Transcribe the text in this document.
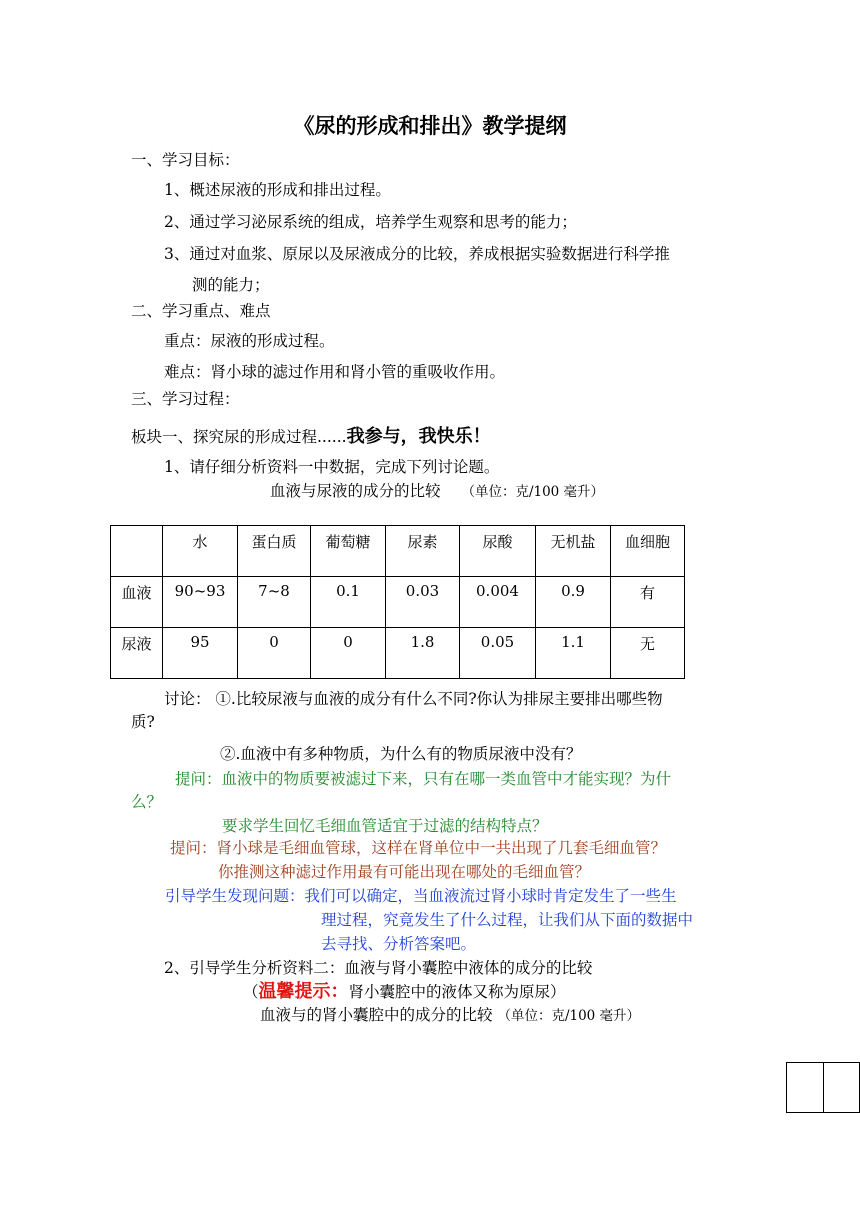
《尿的形成和排出》教学提纲
一、学习目标：
1、概述尿液的形成和排出过程。
2、通过学习泌尿系统的组成，培养学生观察和思考的能力；
3、通过对血浆、原尿以及尿液成分的比较，养成根据实验数据进行科学推
测的能力；
二、学习重点、难点
重点：尿液的形成过程。
难点：肾小球的滤过作用和肾小管的重吸收作用。
三、学习过程：
板块一、探究尿的形成过程......我参与，我快乐！
1、请仔细分析资料一中数据，完成下列讨论题。
血液与尿液的成分的比较 （单位：克/100 毫升）
	水	蛋白质	葡萄糖	尿素	尿酸	无机盐	血细胞
血液	90~93	7~8	0.1	0.03	0.004	0.9	有
尿液	95	0	0	1.8	0.05	1.1	无
讨论： ①.比较尿液与血液的成分有什么不同?你认为排尿主要排出哪些物
质?
②.血液中有多种物质，为什么有的物质尿液中没有？
提问：血液中的物质要被滤过下来，只有在哪一类血管中才能实现？为什
么？
要求学生回忆毛细血管适宜于过滤的结构特点？
提问：肾小球是毛细血管球，这样在肾单位中一共出现了几套毛细血管？
你推测这种滤过作用最有可能出现在哪处的毛细血管？
引导学生发现问题：我们可以确定，当血液流过肾小球时肯定发生了一些生
理过程，究竟发生了什么过程，让我们从下面的数据中
去寻找、分析答案吧。
2、引导学生分析资料二：血液与肾小囊腔中液体的成分的比较
（温馨提示：肾小囊腔中的液体又称为原尿）
血液与的肾小囊腔中的成分的比较 （单位：克/100 毫升）
